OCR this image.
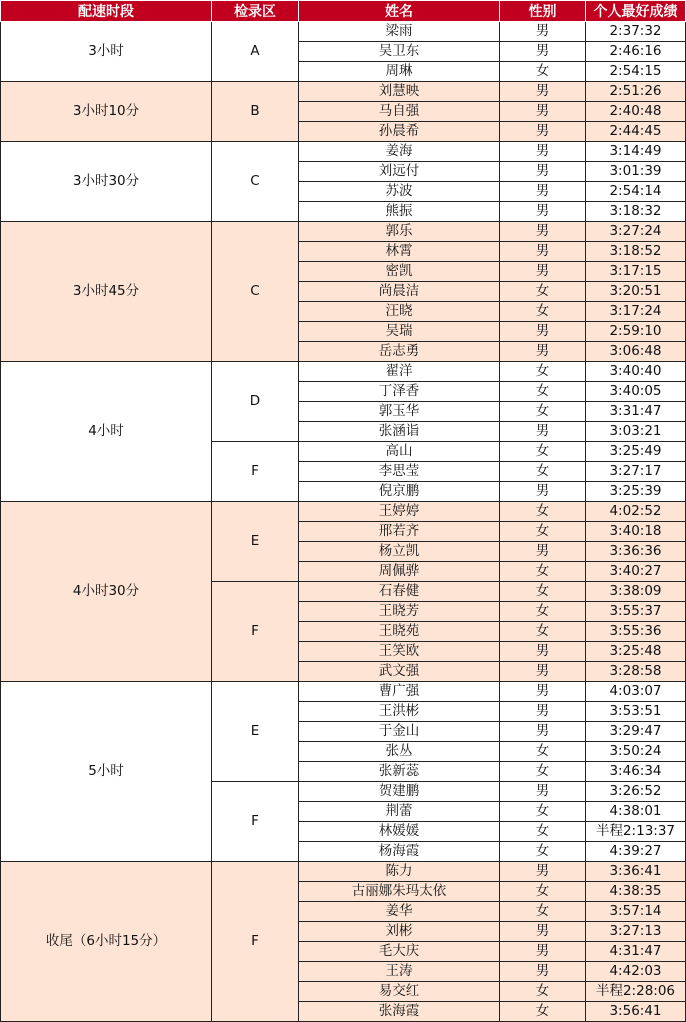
配速时段	检录区	姓名	性别	个人最好成绩
3小时	A	梁雨	男	2:37:32
		吴卫东	男	2:46:16
		周琳	女	2:54:15
3小时10分	B	刘慧映	男	2:51:26
		马自强	男	2:40:48
		孙晨希	男	2:44:45
3小时30分	C	姜海	男	3:14:49
		刘远付	男	3:01:39
		苏波	男	2:54:14
		熊振	男	3:18:32
3小时45分	C	郭乐	男	3:27:24
		林霄	男	3:18:52
		密凯	男	3:17:15
		尚晨洁	女	3:20:51
		汪晓	女	3:17:24
		吴瑞	男	2:59:10
		岳志勇	男	3:06:48
4小时	D	翟洋	女	3:40:40
		丁泽香	女	3:40:05
		郭玉华	女	3:31:47
		张涵诣	男	3:03:21
	F	高山	女	3:25:49
		李思莹	女	3:27:17
		倪京鹏	男	3:25:39
4小时30分	E	王婷婷	女	4:02:52
		邢若齐	女	3:40:18
		杨立凯	男	3:36:36
		周佩骅	女	3:40:27
	F	石春健	女	3:38:09
		王晓芳	女	3:55:37
		王晓苑	女	3:55:36
		王笑欧	男	3:25:48
		武文强	男	3:28:58
5小时	E	曹广强	男	4:03:07
		王洪彬	男	3:53:51
		于金山	男	3:29:47
		张丛	女	3:50:24
		张新蕊	女	3:46:34
	F	贺建鹏	男	3:26:52
		荆蕾	女	4:38:01
		林媛媛	女	半程2:13:37
		杨海霞	女	4:39:27
收尾（6小时15分）	F	陈力	男	3:36:41
		古丽娜朱玛太依	女	4:38:35
		姜华	女	3:57:14
		刘彬	男	3:27:13
		毛大庆	男	4:31:47
		王涛	男	4:42:03
		易交红	女	半程2:28:06
		张海霞	女	3:56:41
